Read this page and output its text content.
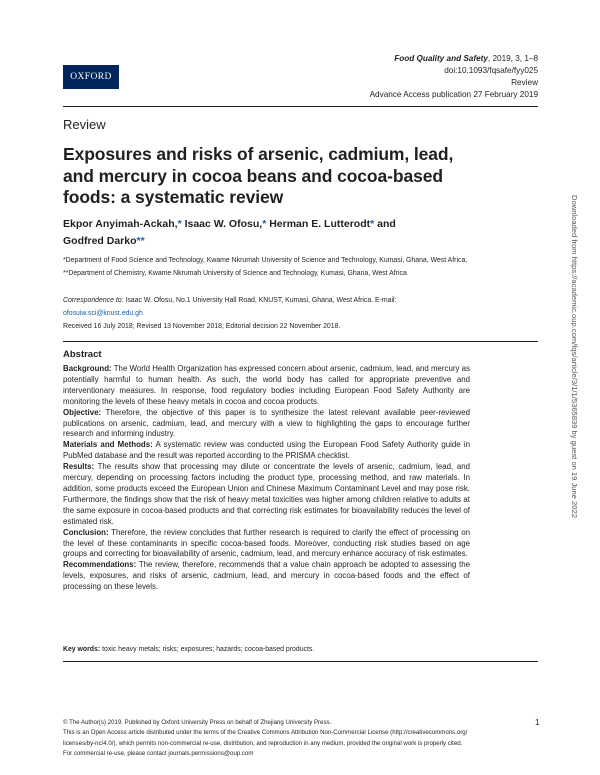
OXFORD
Food Quality and Safety, 2019, 3, 1–8
doi:10.1093/fqsafe/fyy025
Review
Advance Access publication 27 February 2019
Review
Exposures and risks of arsenic, cadmium, lead, and mercury in cocoa beans and cocoa-based foods: a systematic review
Ekpor Anyimah-Ackah,* Isaac W. Ofosu,* Herman E. Lutterodt* and
Godfred Darko**
*Department of Food Science and Technology, Kwame Nkrumah University of Science and Technology, Kumasi, Ghana, West Africa, **Department of Chemistry, Kwame Nkrumah University of Science and Technology, Kumasi, Ghana, West Africa
Correspondence to: Isaac W. Ofosu, No.1 University Hall Road, KNUST, Kumasi, Ghana, West Africa. E-mail: ofosuiw.sci@knust.edu.gh
Received 16 July 2018; Revised 13 November 2018; Editorial decision 22 November 2018.
Abstract

Background: The World Health Organization has expressed concern about arsenic, cadmium, lead, and mercury as potentially harmful to human health. As such, the world body has called for appropriate preventive and interventionary measures. In response, food regulatory bodies including European Food Safety Authority are monitoring the levels of these heavy metals in cocoa and cocoa products.

Objective: Therefore, the objective of this paper is to synthesize the latest relevant available peer-reviewed publications on arsenic, cadmium, lead, and mercury with a view to highlighting the gaps to encourage further research and informing industry.

Materials and Methods: A systematic review was conducted using the European Food Safety Authority guide in PubMed database and the result was reported according to the PRISMA checklist.

Results: The results show that processing may dilute or concentrate the levels of arsenic, cadmium, lead, and mercury, depending on processing factors including the product type, processing method, and raw materials. In addition, some products exceed the European Union and Chinese Maximum Contaminant Level and may pose risk. Furthermore, the findings show that the risk of heavy metal toxicities was higher among children relative to adults at the same exposure in cocoa-based products and that correcting risk estimates for bioavailability reduces the level of estimated risk.

Conclusion: Therefore, the review concludes that further research is required to clarify the effect of processing on the level of these contaminants in specific cocoa-based foods. Moreover, conducting risk studies based on age groups and correcting for bioavailability of arsenic, cadmium, lead, and mercury enhance accuracy of risk estimates.

Recommendations: The review, therefore, recommends that a value chain approach be adopted to assessing the levels, exposures, and risks of arsenic, cadmium, lead, and mercury in cocoa-based foods and the effect of processing on these levels.

Key words: toxic heavy metals; risks; exposures; hazards; cocoa-based products.
© The Author(s) 2019. Published by Oxford University Press on behalf of Zhejiang University Press.
This is an Open Access article distributed under the terms of the Creative Commons Attribution Non-Commercial License (http://creativecommons.org/
licenses/by-nc/4.0/), which permits non-commercial re-use, distribution, and reproduction in any medium, provided the original work is properly cited.
For commercial re-use, please contact journals.permissions@oup.com
1
Downloaded from https://academic.oup.com/fqs/article/3/1/1/5365839 by guest on 19 June 2022
